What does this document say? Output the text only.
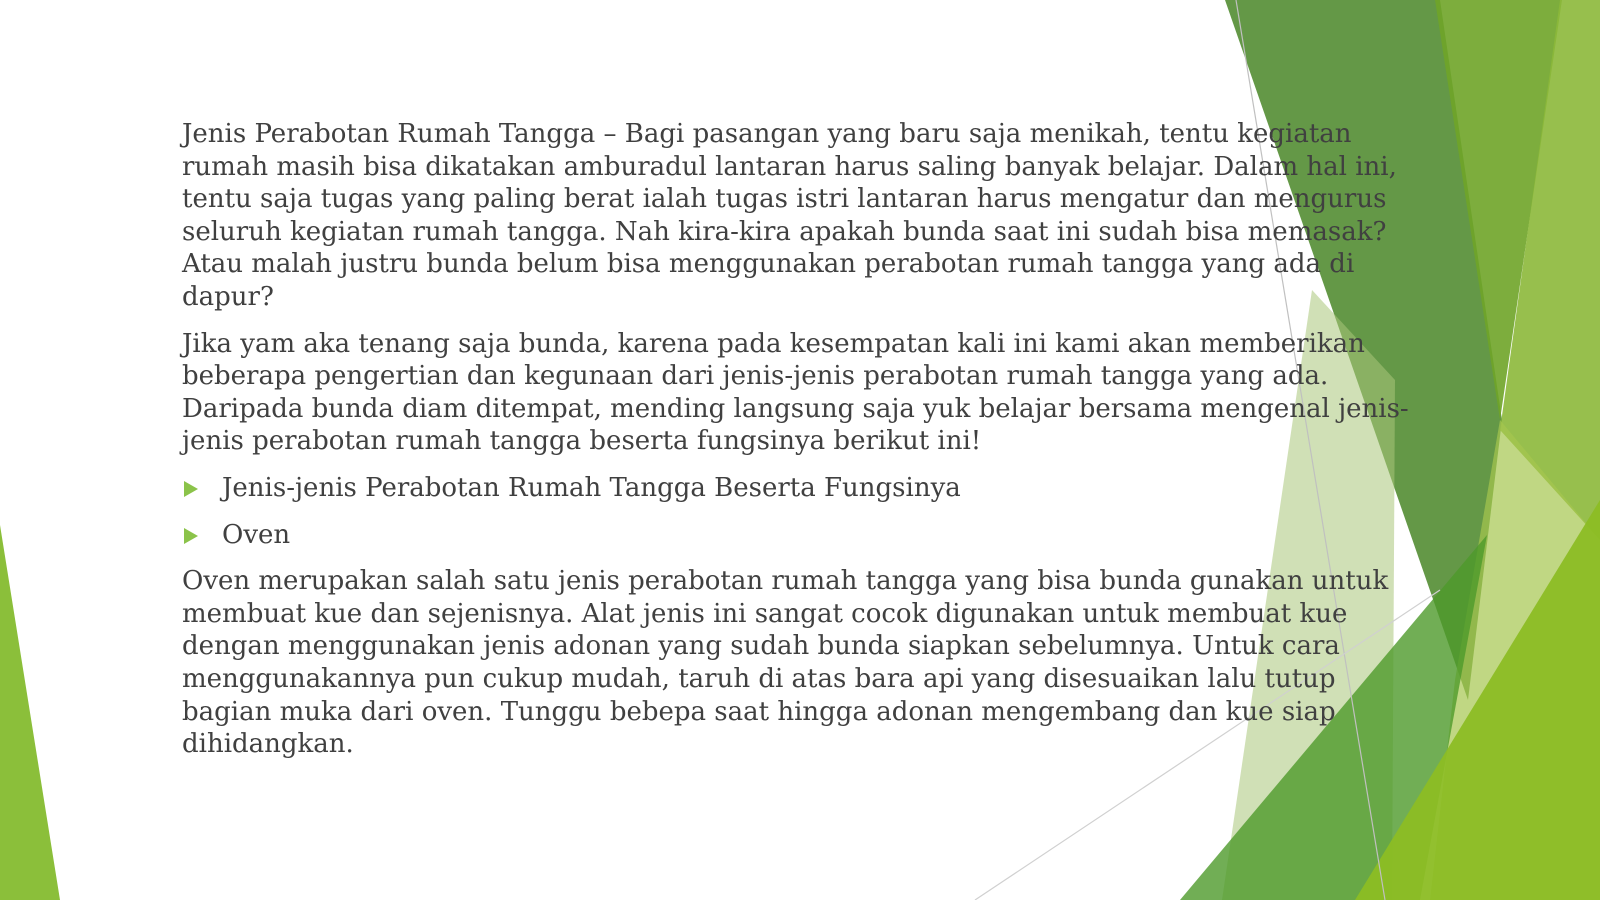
Jenis Perabotan Rumah Tangga – Bagi pasangan yang baru saja menikah, tentu kegiatan rumah masih bisa dikatakan amburadul lantaran harus saling banyak belajar. Dalam hal ini, tentu saja tugas yang paling berat ialah tugas istri lantaran harus mengatur dan mengurus seluruh kegiatan rumah tangga. Nah kira-kira apakah bunda saat ini sudah bisa memasak? Atau malah justru bunda belum bisa menggunakan perabotan rumah tangga yang ada di dapur?

Jika yam aka tenang saja bunda, karena pada kesempatan kali ini kami akan memberikan beberapa pengertian dan kegunaan dari jenis-jenis perabotan rumah tangga yang ada. Daripada bunda diam ditempat, mending langsung saja yuk belajar bersama mengenal jenis-jenis perabotan rumah tangga beserta fungsinya berikut ini!

Jenis-jenis Perabotan Rumah Tangga Beserta Fungsinya
Oven

Oven merupakan salah satu jenis perabotan rumah tangga yang bisa bunda gunakan untuk membuat kue dan sejenisnya. Alat jenis ini sangat cocok digunakan untuk membuat kue dengan menggunakan jenis adonan yang sudah bunda siapkan sebelumnya. Untuk cara menggunakannya pun cukup mudah, taruh di atas bara api yang disesuaikan lalu tutup bagian muka dari oven. Tunggu bebepa saat hingga adonan mengembang dan kue siap dihidangkan.
